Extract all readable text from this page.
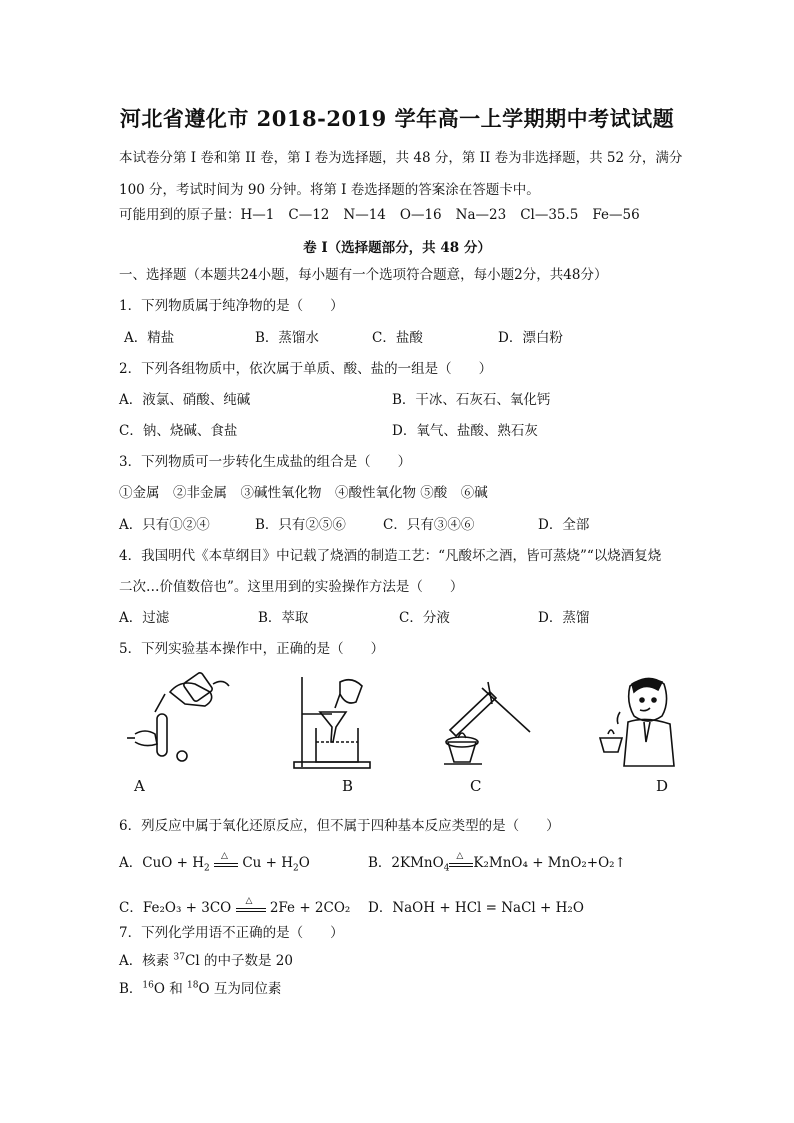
河北省遵化市 2018-2019 学年高一上学期期中考试试题
本试卷分第 I 卷和第 II 卷，第 I 卷为选择题，共 48 分，第 II 卷为非选择题，共 52 分，满分
100 分，考试时间为 90 分钟。将第 I 卷选择题的答案涂在答题卡中。
可能用到的原子量：H—1 C—12 N—14 O—16 Na—23 Cl—35.5 Fe—56
卷 I（选择题部分，共 48 分）
一、选择题（本题共24小题，每小题有一个选项符合题意，每小题2分，共48分）
1．下列物质属于纯净物的是（　　）
A．精盐	B．蒸馏水	C．盐酸	D．漂白粉
2．下列各组物质中，依次属于单质、酸、盐的一组是（　　）
A．液氯、硝酸、纯碱	B．干冰、石灰石、氧化钙
C．钠、烧碱、食盐	D．氧气、盐酸、熟石灰
3．下列物质可一步转化生成盐的组合是（　　）
①金属　②非金属　③碱性氧化物　④酸性氧化物 ⑤酸　⑥碱
A．只有①②④	B．只有②⑤⑥	C．只有③④⑥	D．全部
4．我国明代《本草纲目》中记载了烧酒的制造工艺：“凡酸坏之酒，皆可蒸烧”“以烧酒复烧
二次…价值数倍也”。这里用到的实验操作方法是（　　）
A．过滤	B．萃取	C．分液	D．蒸馏
5．下列实验基本操作中，正确的是（　　）
A	B	C	D
6．列反应中属于氧化还原反应，但不属于四种基本反应类型的是（　　）
A．CuO + $H_2$
△ $Cu + H_2O$	B．2KMnO$_4$
△ K₂MnO₄ + MnO₂+O₂↑
C．Fe₂O₃ + 3CO △ 2Fe + 2CO₂ D．NaOH + HCl = NaCl + H₂O
7．下列化学用语不正确的是（　　）
A．核素 $^{37}$Cl 的中子数是 20
B．$^{16}$O 和 $^{18}$O 互为同位素
